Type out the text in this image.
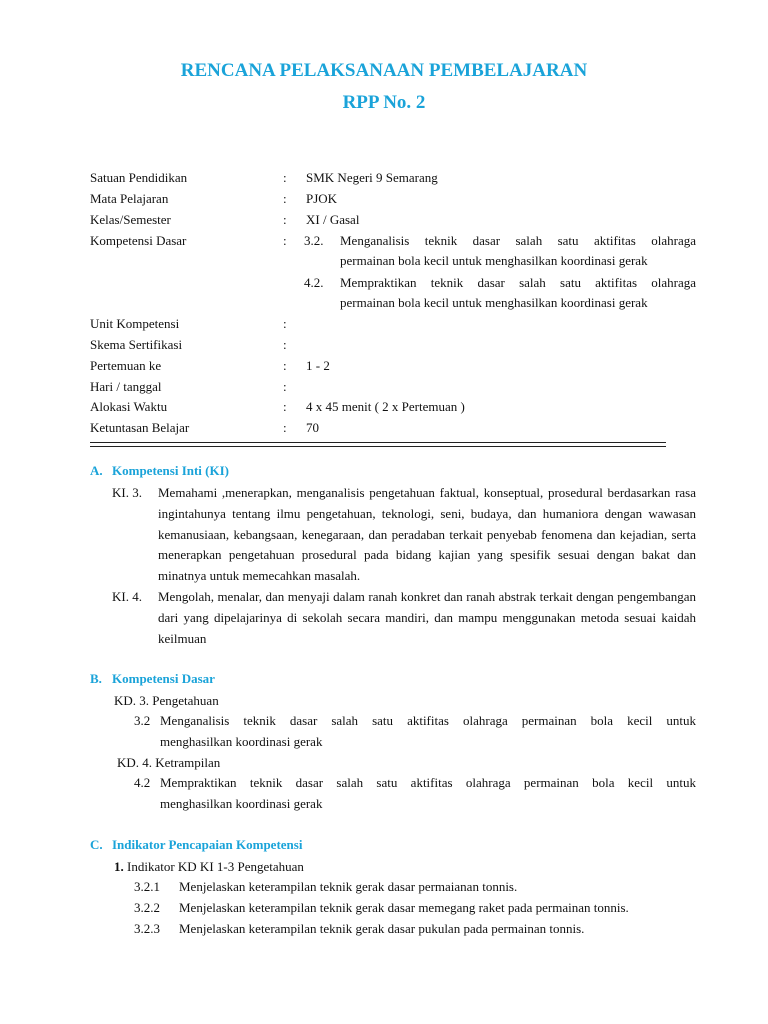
RENCANA PELAKSANAAN PEMBELAJARAN
RPP No. 2
Satuan Pendidikan	: SMK Negeri 9 Semarang
Mata Pelajaran	: PJOK
Kelas/Semester	: XI / Gasal
Kompetensi Dasar	: 3.2. Menganalisis teknik dasar salah satu aktifitas olahraga
permainan bola kecil untuk menghasilkan koordinasi gerak
4.2. Mempraktikan teknik dasar salah satu aktifitas olahraga
permainan bola kecil untuk menghasilkan koordinasi gerak
Unit Kompetensi	:
Skema Sertifikasi	:
Pertemuan ke	: 1 - 2
Hari / tanggal	:
Alokasi Waktu	: 4 x 45 menit ( 2 x Pertemuan )
Ketuntasan Belajar	: 70
A. Kompetensi Inti (KI)
KI. 3. Memahami ,menerapkan, menganalisis pengetahuan faktual, konseptual, prosedural berdasarkan rasa ingintahunya tentang ilmu pengetahuan, teknologi, seni, budaya, dan humaniora dengan wawasan kemanusiaan, kebangsaan, kenegaraan, dan peradaban terkait penyebab fenomena dan kejadian, serta menerapkan pengetahuan prosedural pada bidang kajian yang spesifik sesuai dengan bakat dan minatnya untuk memecahkan masalah.
KI. 4. Mengolah, menalar, dan menyaji dalam ranah konkret dan ranah abstrak terkait dengan pengembangan dari yang dipelajarinya di sekolah secara mandiri, dan mampu menggunakan metoda sesuai kaidah keilmuan
B. Kompetensi Dasar
KD. 3. Pengetahuan
3.2 Menganalisis teknik dasar salah satu aktifitas olahraga permainan bola kecil untuk
menghasilkan koordinasi gerak
KD. 4. Ketrampilan
4.2 Mempraktikan teknik dasar salah satu aktifitas olahraga permainan bola kecil untuk
menghasilkan koordinasi gerak
C. Indikator Pencapaian Kompetensi
1. Indikator KD KI 1-3 Pengetahuan
3.2.1 Menjelaskan keterampilan teknik gerak dasar permaianan tonnis.
3.2.2 Menjelaskan keterampilan teknik gerak dasar memegang raket pada permainan tonnis.
3.2.3 Menjelaskan keterampilan teknik gerak dasar pukulan pada permainan tonnis.
